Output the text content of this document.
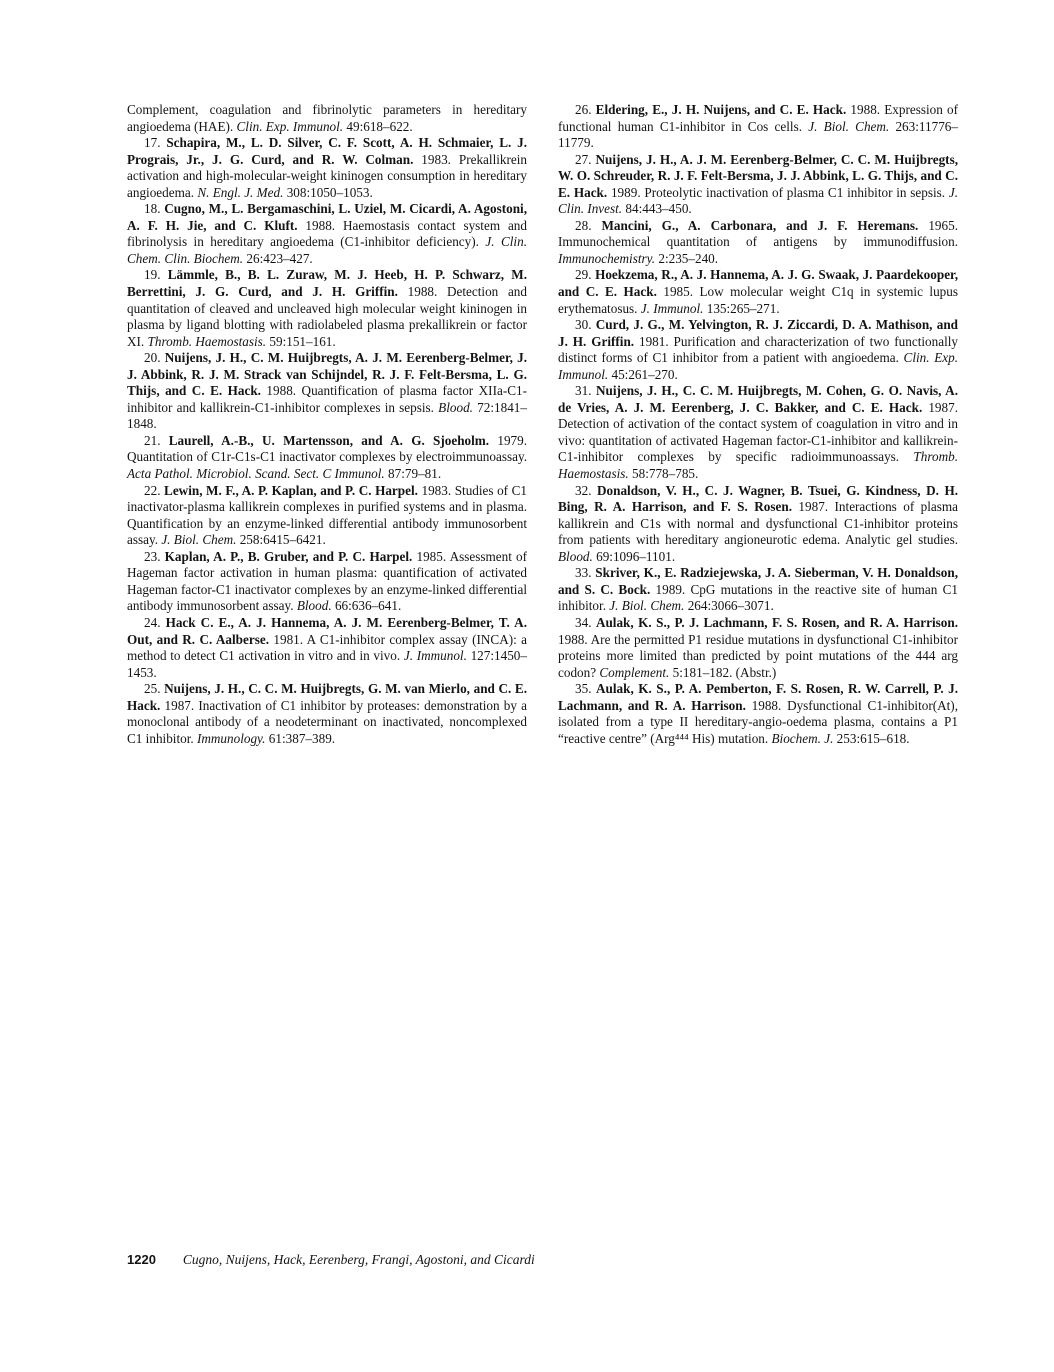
Complement, coagulation and fibrinolytic parameters in hereditary angioedema (HAE). Clin. Exp. Immunol. 49:618–622.

17. Schapira, M., L. D. Silver, C. F. Scott, A. H. Schmaier, L. J. Prograis, Jr., J. G. Curd, and R. W. Colman. 1983. Prekallikrein activation and high-molecular-weight kininogen consumption in hereditary angioedema. N. Engl. J. Med. 308:1050–1053.

18. Cugno, M., L. Bergamaschini, L. Uziel, M. Cicardi, A. Agostoni, A. F. H. Jie, and C. Kluft. 1988. Haemostasis contact system and fibrinolysis in hereditary angioedema (C1-inhibitor deficiency). J. Clin. Chem. Clin. Biochem. 26:423–427.

19. Lämmle, B., B. L. Zuraw, M. J. Heeb, H. P. Schwarz, M. Berrettini, J. G. Curd, and J. H. Griffin. 1988. Detection and quantitation of cleaved and uncleaved high molecular weight kininogen in plasma by ligand blotting with radiolabeled plasma prekallikrein or factor XI. Thromb. Haemostasis. 59:151–161.

20. Nuijens, J. H., C. M. Huijbregts, A. J. M. Eerenberg-Belmer, J. J. Abbink, R. J. M. Strack van Schijndel, R. J. F. Felt-Bersma, L. G. Thijs, and C. E. Hack. 1988. Quantification of plasma factor XIIa-C1-inhibitor and kallikrein-C1-inhibitor complexes in sepsis. Blood. 72:1841–1848.

21. Laurell, A.-B., U. Martensson, and A. G. Sjoeholm. 1979. Quantitation of C1r-C1s-C1 inactivator complexes by electroimmunoassay. Acta Pathol. Microbiol. Scand. Sect. C Immunol. 87:79–81.

22. Lewin, M. F., A. P. Kaplan, and P. C. Harpel. 1983. Studies of C1 inactivator-plasma kallikrein complexes in purified systems and in plasma. Quantification by an enzyme-linked differential antibody immunosorbent assay. J. Biol. Chem. 258:6415–6421.

23. Kaplan, A. P., B. Gruber, and P. C. Harpel. 1985. Assessment of Hageman factor activation in human plasma: quantification of activated Hageman factor-C1 inactivator complexes by an enzyme-linked differential antibody immunosorbent assay. Blood. 66:636–641.

24. Hack C. E., A. J. Hannema, A. J. M. Eerenberg-Belmer, T. A. Out, and R. C. Aalberse. 1981. A C1-inhibitor complex assay (INCA): a method to detect C1 activation in vitro and in vivo. J. Immunol. 127:1450–1453.

25. Nuijens, J. H., C. C. M. Huijbregts, G. M. van Mierlo, and C. E. Hack. 1987. Inactivation of C1 inhibitor by proteases: demonstration by a monoclonal antibody of a neodeterminant on inactivated, noncomplexed C1 inhibitor. Immunology. 61:387–389.

26. Eldering, E., J. H. Nuijens, and C. E. Hack. 1988. Expression of functional human C1-inhibitor in Cos cells. J. Biol. Chem. 263:11776–11779.

27. Nuijens, J. H., A. J. M. Eerenberg-Belmer, C. C. M. Huijbregts, W. O. Schreuder, R. J. F. Felt-Bersma, J. J. Abbink, L. G. Thijs, and C. E. Hack. 1989. Proteolytic inactivation of plasma C1 inhibitor in sepsis. J. Clin. Invest. 84:443–450.

28. Mancini, G., A. Carbonara, and J. F. Heremans. 1965. Immunochemical quantitation of antigens by immunodiffusion. Immunochemistry. 2:235–240.

29. Hoekzema, R., A. J. Hannema, A. J. G. Swaak, J. Paardekooper, and C. E. Hack. 1985. Low molecular weight C1q in systemic lupus erythematosus. J. Immunol. 135:265–271.

30. Curd, J. G., M. Yelvington, R. J. Ziccardi, D. A. Mathison, and J. H. Griffin. 1981. Purification and characterization of two functionally distinct forms of C1 inhibitor from a patient with angioedema. Clin. Exp. Immunol. 45:261–270.

31. Nuijens, J. H., C. C. M. Huijbregts, M. Cohen, G. O. Navis, A. de Vries, A. J. M. Eerenberg, J. C. Bakker, and C. E. Hack. 1987. Detection of activation of the contact system of coagulation in vitro and in vivo: quantitation of activated Hageman factor-C1-inhibitor and kallikrein-C1-inhibitor complexes by specific radioimmunoassays. Thromb. Haemostasis. 58:778–785.

32. Donaldson, V. H., C. J. Wagner, B. Tsuei, G. Kindness, D. H. Bing, R. A. Harrison, and F. S. Rosen. 1987. Interactions of plasma kallikrein and C1s with normal and dysfunctional C1-inhibitor proteins from patients with hereditary angioneurotic edema. Analytic gel studies. Blood. 69:1096–1101.

33. Skriver, K., E. Radziejewska, J. A. Sieberman, V. H. Donaldson, and S. C. Bock. 1989. CpG mutations in the reactive site of human C1 inhibitor. J. Biol. Chem. 264:3066–3071.

34. Aulak, K. S., P. J. Lachmann, F. S. Rosen, and R. A. Harrison. 1988. Are the permitted P1 residue mutations in dysfunctional C1-inhibitor proteins more limited than predicted by point mutations of the 444 arg codon? Complement. 5:181–182. (Abstr.)

35. Aulak, K. S., P. A. Pemberton, F. S. Rosen, R. W. Carrell, P. J. Lachmann, and R. A. Harrison. 1988. Dysfunctional C1-inhibitor(At), isolated from a type II hereditary-angio-oedema plasma, contains a P1 “reactive centre” (Arg⁴⁴⁴ His) mutation. Biochem. J. 253:615–618.

1220 Cugno, Nuijens, Hack, Eerenberg, Frangi, Agostoni, and Cicardi
